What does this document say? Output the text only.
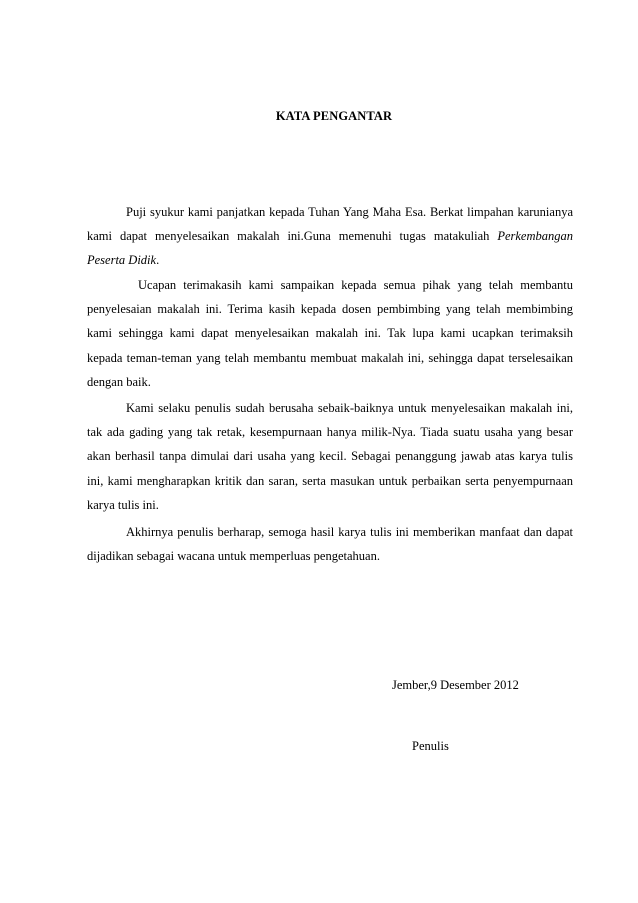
KATA PENGANTAR

Puji syukur kami panjatkan kepada Tuhan Yang Maha Esa. Berkat limpahan karunianya kami dapat menyelesaikan makalah ini.Guna memenuhi tugas matakuliah Perkembangan Peserta Didik.

Ucapan terimakasih kami sampaikan kepada semua pihak yang telah membantu penyelesaian makalah ini. Terima kasih kepada dosen pembimbing yang telah membimbing kami sehingga kami dapat menyelesaikan makalah ini. Tak lupa kami ucapkan terimaksih kepada teman-teman yang telah membantu membuat makalah ini, sehingga dapat terselesaikan dengan baik.

Kami selaku penulis sudah berusaha sebaik-baiknya untuk menyelesaikan makalah ini, tak ada gading yang tak retak, kesempurnaan hanya milik-Nya. Tiada suatu usaha yang besar akan berhasil tanpa dimulai dari usaha yang kecil. Sebagai penanggung jawab atas karya tulis ini, kami mengharapkan kritik dan saran, serta masukan untuk perbaikan serta penyempurnaan karya tulis ini.

Akhirnya penulis berharap, semoga hasil karya tulis ini memberikan manfaat dan dapat dijadikan sebagai wacana untuk memperluas pengetahuan.

Jember,9 Desember 2012
Penulis
